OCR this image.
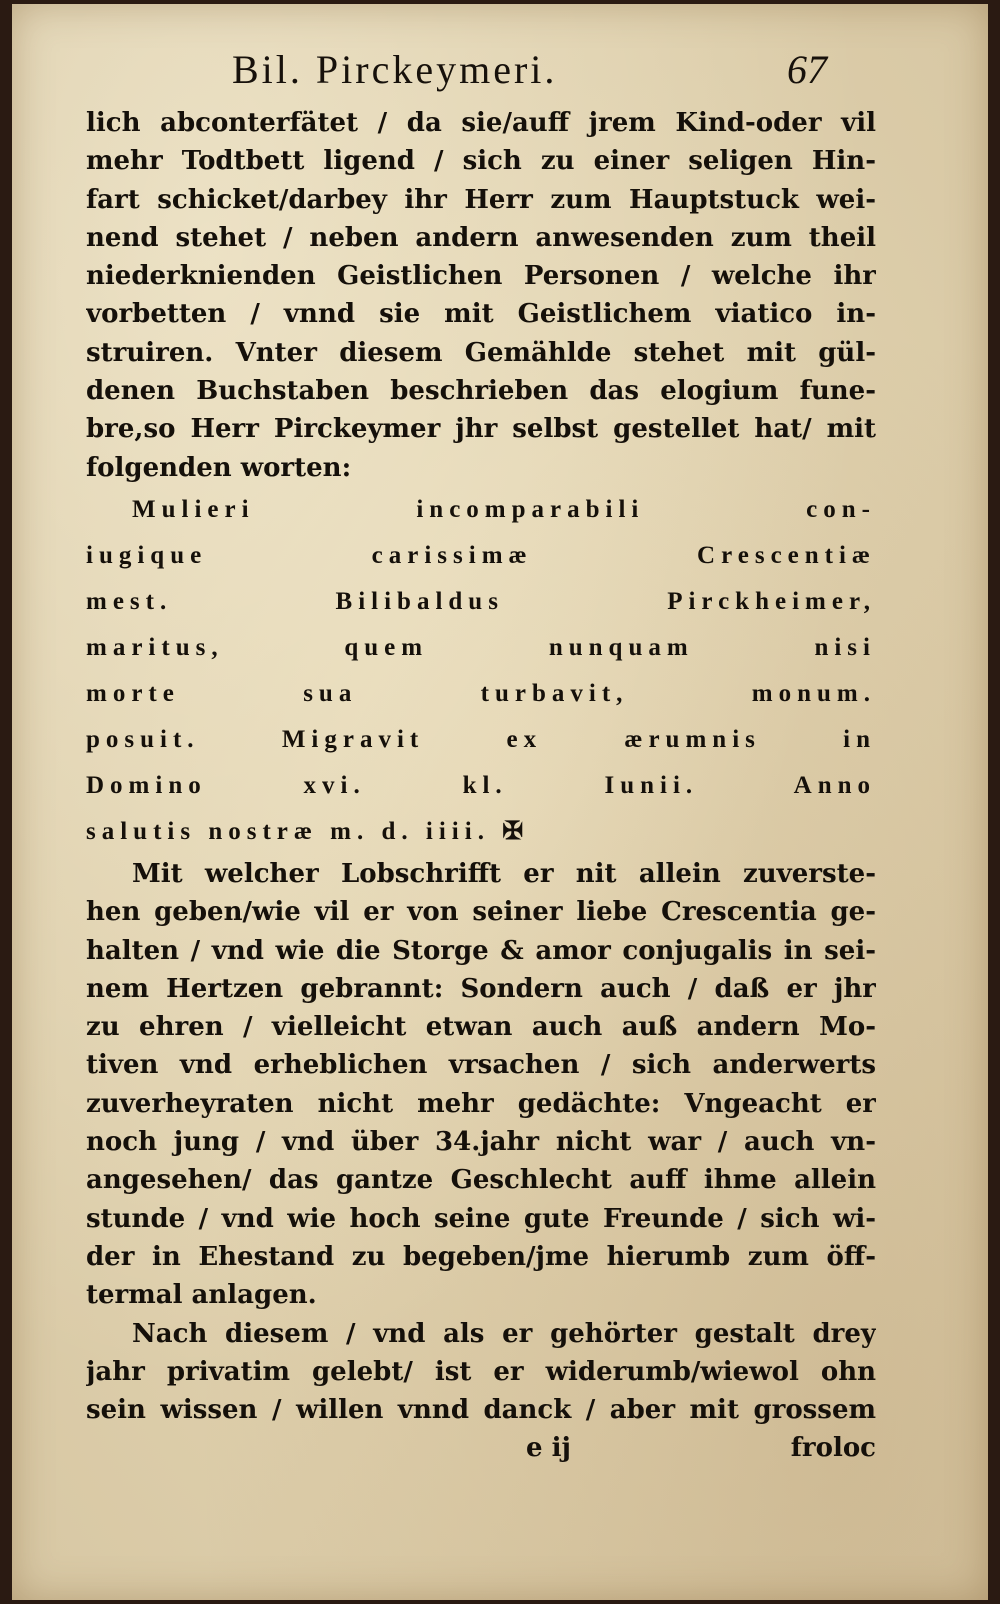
Bil. Pirckeymeri.	67
lich abconterfätet / da sie/auff jrem Kind-oder vil
mehr Todtbett ligend / sich zu einer seligen Hin-
fart schicket/darbey ihr Herr zum Hauptstuck wei-
nend stehet / neben andern anwesenden zum theil
niederknienden Geistlichen Personen / welche ihr
vorbetten / vnnd sie mit Geistlichem viatico in-
struiren. Vnter diesem Gemählde stehet mit gül-
denen Buchstaben beschrieben das elogium fune-
bre,so Herr Pirckeymer jhr selbst gestellet hat/ mit
folgenden worten:
Mulieri incomparabili con-
iugique carissimæ Crescentiæ
mest. Bilibaldus Pirckheimer,
maritus, quem nunquam nisi
morte sua turbavit, monum.
posuit. Migravit ex ærumnis in
Domino xvi. kl. Iunii. Anno
salutis nostræ m. d. iiii. ✠
Mit welcher Lobschrifft er nit allein zuverste-
hen geben/wie vil er von seiner liebe Crescentia ge-
halten / vnd wie die Storge & amor conjugalis in sei-
nem Hertzen gebrannt: Sondern auch / daß er jhr
zu ehren / vielleicht etwan auch auß andern Mo-
tiven vnd erheblichen vrsachen / sich anderwerts
zuverheyraten nicht mehr gedächte: Vngeacht er
noch jung / vnd über 34.jahr nicht war / auch vn-
angesehen/ das gantze Geschlecht auff ihme allein
stunde / vnd wie hoch seine gute Freunde / sich wi-
der in Ehestand zu begeben/jme hierumb zum öff-
termal anlagen.
Nach diesem / vnd als er gehörter gestalt drey
jahr privatim gelebt/ ist er widerumb/wiewol ohn
sein wissen / willen vnnd danck / aber mit grossem
e ij	froloc
